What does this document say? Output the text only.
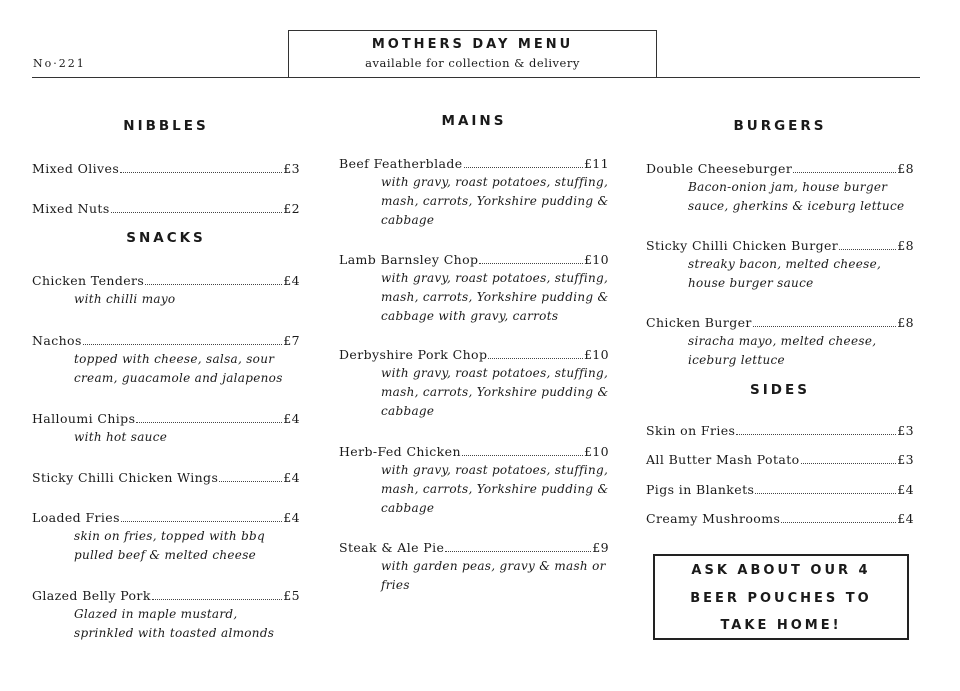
No·221
MOTHERS DAY MENU
available for collection & delivery
NIBBLES
Mixed Olives	£3
Mixed Nuts	£2
SNACKS
Chicken Tenders	£4
with chilli mayo
Nachos	£7
topped with cheese, salsa, sour cream, guacamole and jalapenos
Halloumi Chips	£4
with hot sauce
Sticky Chilli Chicken Wings	£4
Loaded Fries	£4
skin on fries, topped with bbq pulled beef & melted cheese
Glazed Belly Pork	£5
Glazed in maple mustard, sprinkled with toasted almonds
MAINS
Beef Featherblade	£11
with gravy, roast potatoes, stuffing, mash, carrots, Yorkshire pudding & cabbage
Lamb Barnsley Chop	£10
with gravy, roast potatoes, stuffing, mash, carrots, Yorkshire pudding & cabbage with gravy, carrots
Derbyshire Pork Chop	£10
with gravy, roast potatoes, stuffing, mash, carrots, Yorkshire pudding & cabbage
Herb-Fed Chicken	£10
with gravy, roast potatoes, stuffing, mash, carrots, Yorkshire pudding & cabbage
Steak & Ale Pie	£9
with garden peas, gravy & mash or fries
BURGERS
Double Cheeseburger	£8
Bacon-onion jam, house burger sauce, gherkins & iceburg lettuce
Sticky Chilli Chicken Burger	£8
streaky bacon, melted cheese, house burger sauce
Chicken Burger	£8
siracha mayo, melted cheese, iceburg lettuce
SIDES
Skin on Fries	£3
All Butter Mash Potato	£3
Pigs in Blankets	£4
Creamy Mushrooms	£4
ASK ABOUT OUR 4
BEER POUCHES TO
TAKE HOME!
